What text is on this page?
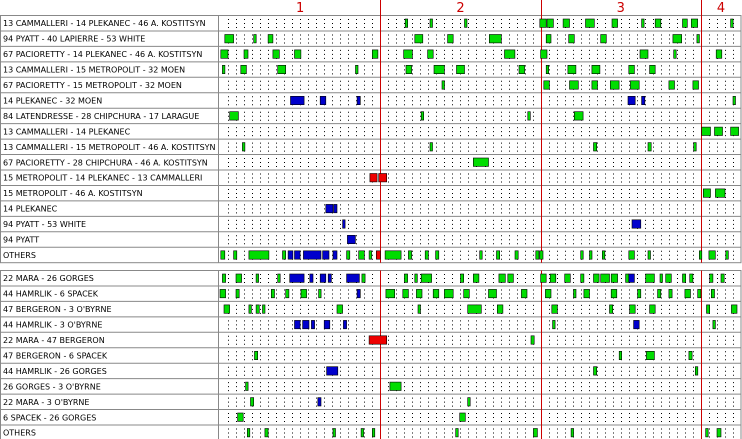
1	2	3	4
13 CAMMALLERI - 14 PLEKANEC - 46 A. KOSTITSYN
94 PYATT - 40 LAPIERRE - 53 WHITE
67 PACIORETTY - 14 PLEKANEC - 46 A. KOSTITSYN
13 CAMMALLERI - 15 METROPOLIT - 32 MOEN
67 PACIORETTY - 15 METROPOLIT - 32 MOEN
14 PLEKANEC - 32 MOEN
84 LATENDRESSE - 28 CHIPCHURA - 17 LARAGUE
13 CAMMALLERI - 14 PLEKANEC
13 CAMMALLERI - 15 METROPOLIT - 46 A. KOSTITSYN
67 PACIORETTY - 28 CHIPCHURA - 46 A. KOSTITSYN
15 METROPOLIT - 14 PLEKANEC - 13 CAMMALLERI
15 METROPOLIT - 46 A. KOSTITSYN
14 PLEKANEC
94 PYATT - 53 WHITE
94 PYATT
OTHERS
22 MARA - 26 GORGES
44 HAMRLIK - 6 SPACEK
47 BERGERON - 3 O'BYRNE
44 HAMRLIK - 3 O'BYRNE
22 MARA - 47 BERGERON
47 BERGERON - 6 SPACEK
44 HAMRLIK - 26 GORGES
26 GORGES - 3 O'BYRNE
22 MARA - 3 O'BYRNE
6 SPACEK - 26 GORGES
OTHERS
